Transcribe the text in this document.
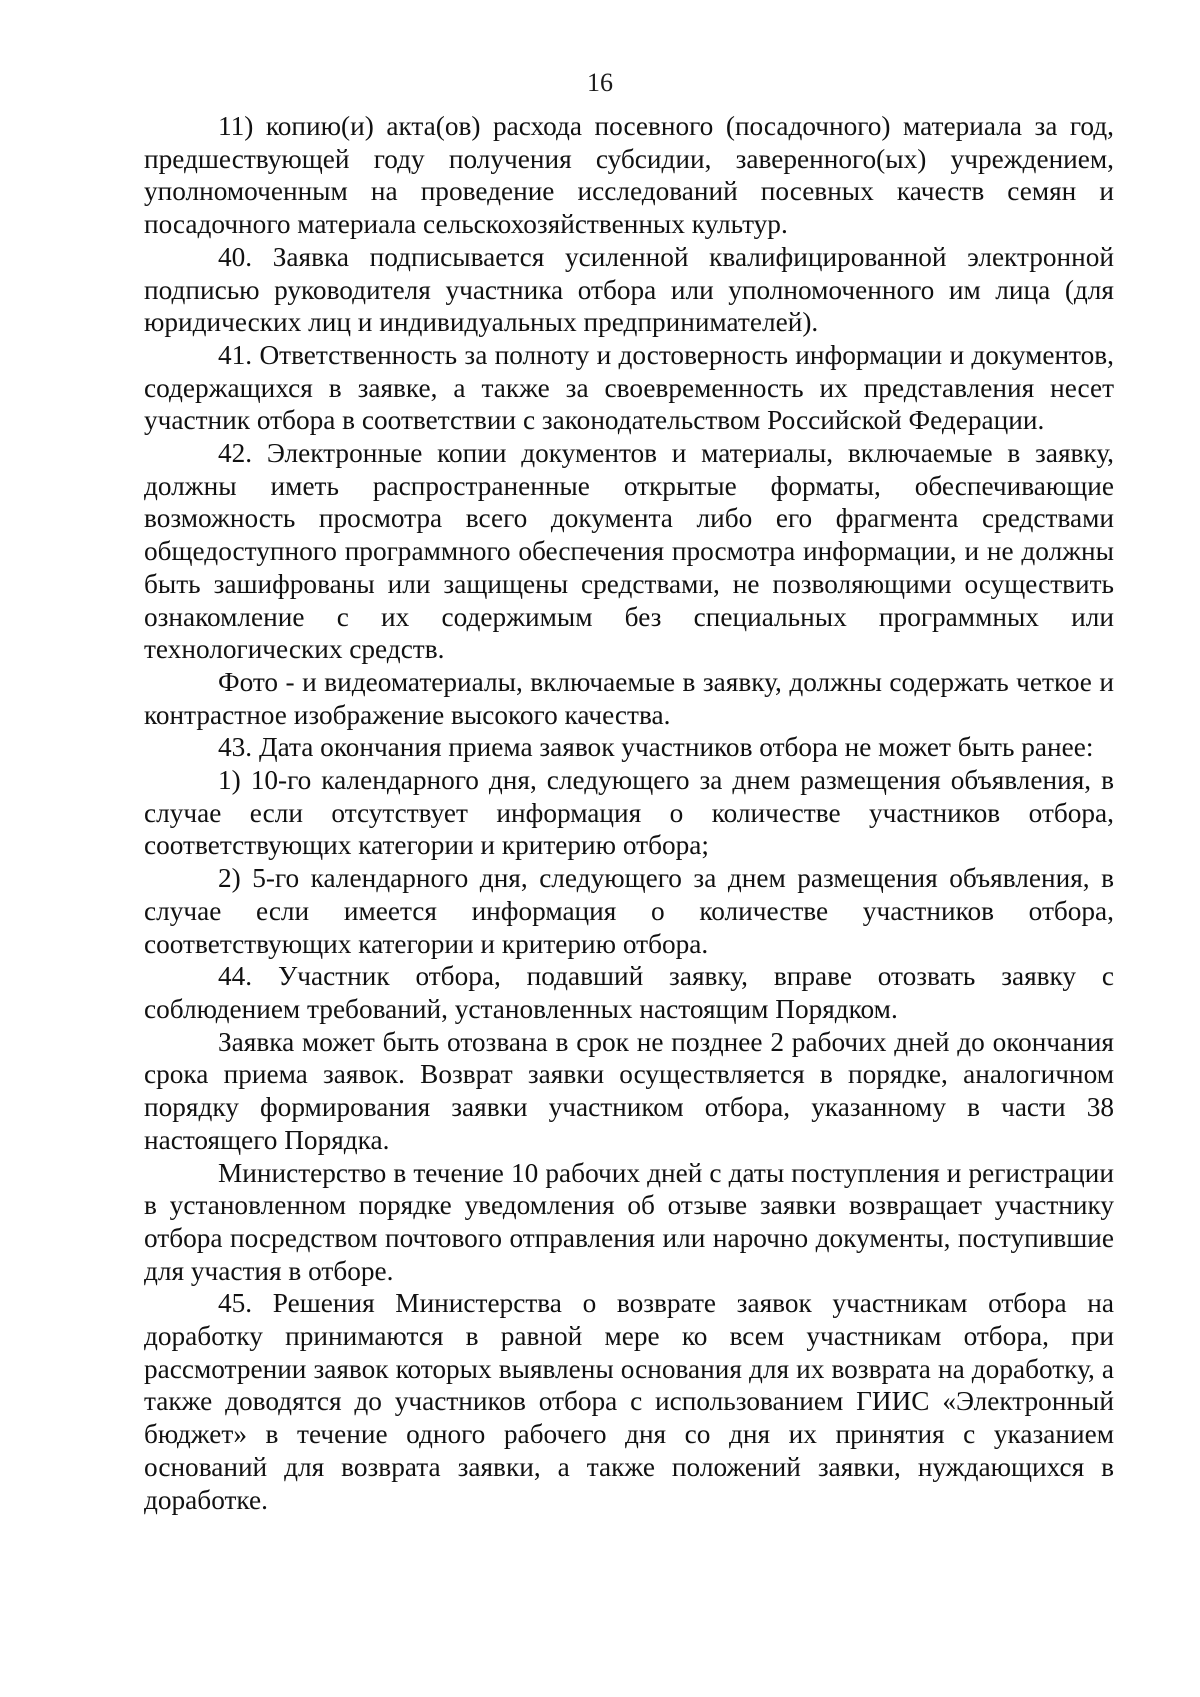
16

11) копию(и) акта(ов) расхода посевного (посадочного) материала за год, предшествующей году получения субсидии, заверенного(ых) учреждением, уполномоченным на проведение исследований посевных качеств семян и посадочного материала сельскохозяйственных культур.

40. Заявка подписывается усиленной квалифицированной электронной подписью руководителя участника отбора или уполномоченного им лица (для юридических лиц и индивидуальных предпринимателей).

41. Ответственность за полноту и достоверность информации и документов, содержащихся в заявке, а также за своевременность их представления несет участник отбора в соответствии с законодательством Российской Федерации.

42. Электронные копии документов и материалы, включаемые в заявку, должны иметь распространенные открытые форматы, обеспечивающие возможность просмотра всего документа либо его фрагмента средствами общедоступного программного обеспечения просмотра информации, и не должны быть зашифрованы или защищены средствами, не позволяющими осуществить ознакомление с их содержимым без специальных программных или технологических средств.

Фото - и видеоматериалы, включаемые в заявку, должны содержать четкое и контрастное изображение высокого качества.

43. Дата окончания приема заявок участников отбора не может быть ранее:

1) 10-го календарного дня, следующего за днем размещения объявления, в случае если отсутствует информация о количестве участников отбора, соответствующих категории и критерию отбора;

2) 5-го календарного дня, следующего за днем размещения объявления, в случае если имеется информация о количестве участников отбора, соответствующих категории и критерию отбора.

44. Участник отбора, подавший заявку, вправе отозвать заявку с соблюдением требований, установленных настоящим Порядком.

Заявка может быть отозвана в срок не позднее 2 рабочих дней до окончания срока приема заявок. Возврат заявки осуществляется в порядке, аналогичном порядку формирования заявки участником отбора, указанному в части 38 настоящего Порядка.

Министерство в течение 10 рабочих дней с даты поступления и регистрации в установленном порядке уведомления об отзыве заявки возвращает участнику отбора посредством почтового отправления или нарочно документы, поступившие для участия в отборе.

45. Решения Министерства о возврате заявок участникам отбора на доработку принимаются в равной мере ко всем участникам отбора, при рассмотрении заявок которых выявлены основания для их возврата на доработку, а также доводятся до участников отбора с использованием ГИИС «Электронный бюджет» в течение одного рабочего дня со дня их принятия с указанием оснований для возврата заявки, а также положений заявки, нуждающихся в доработке.
